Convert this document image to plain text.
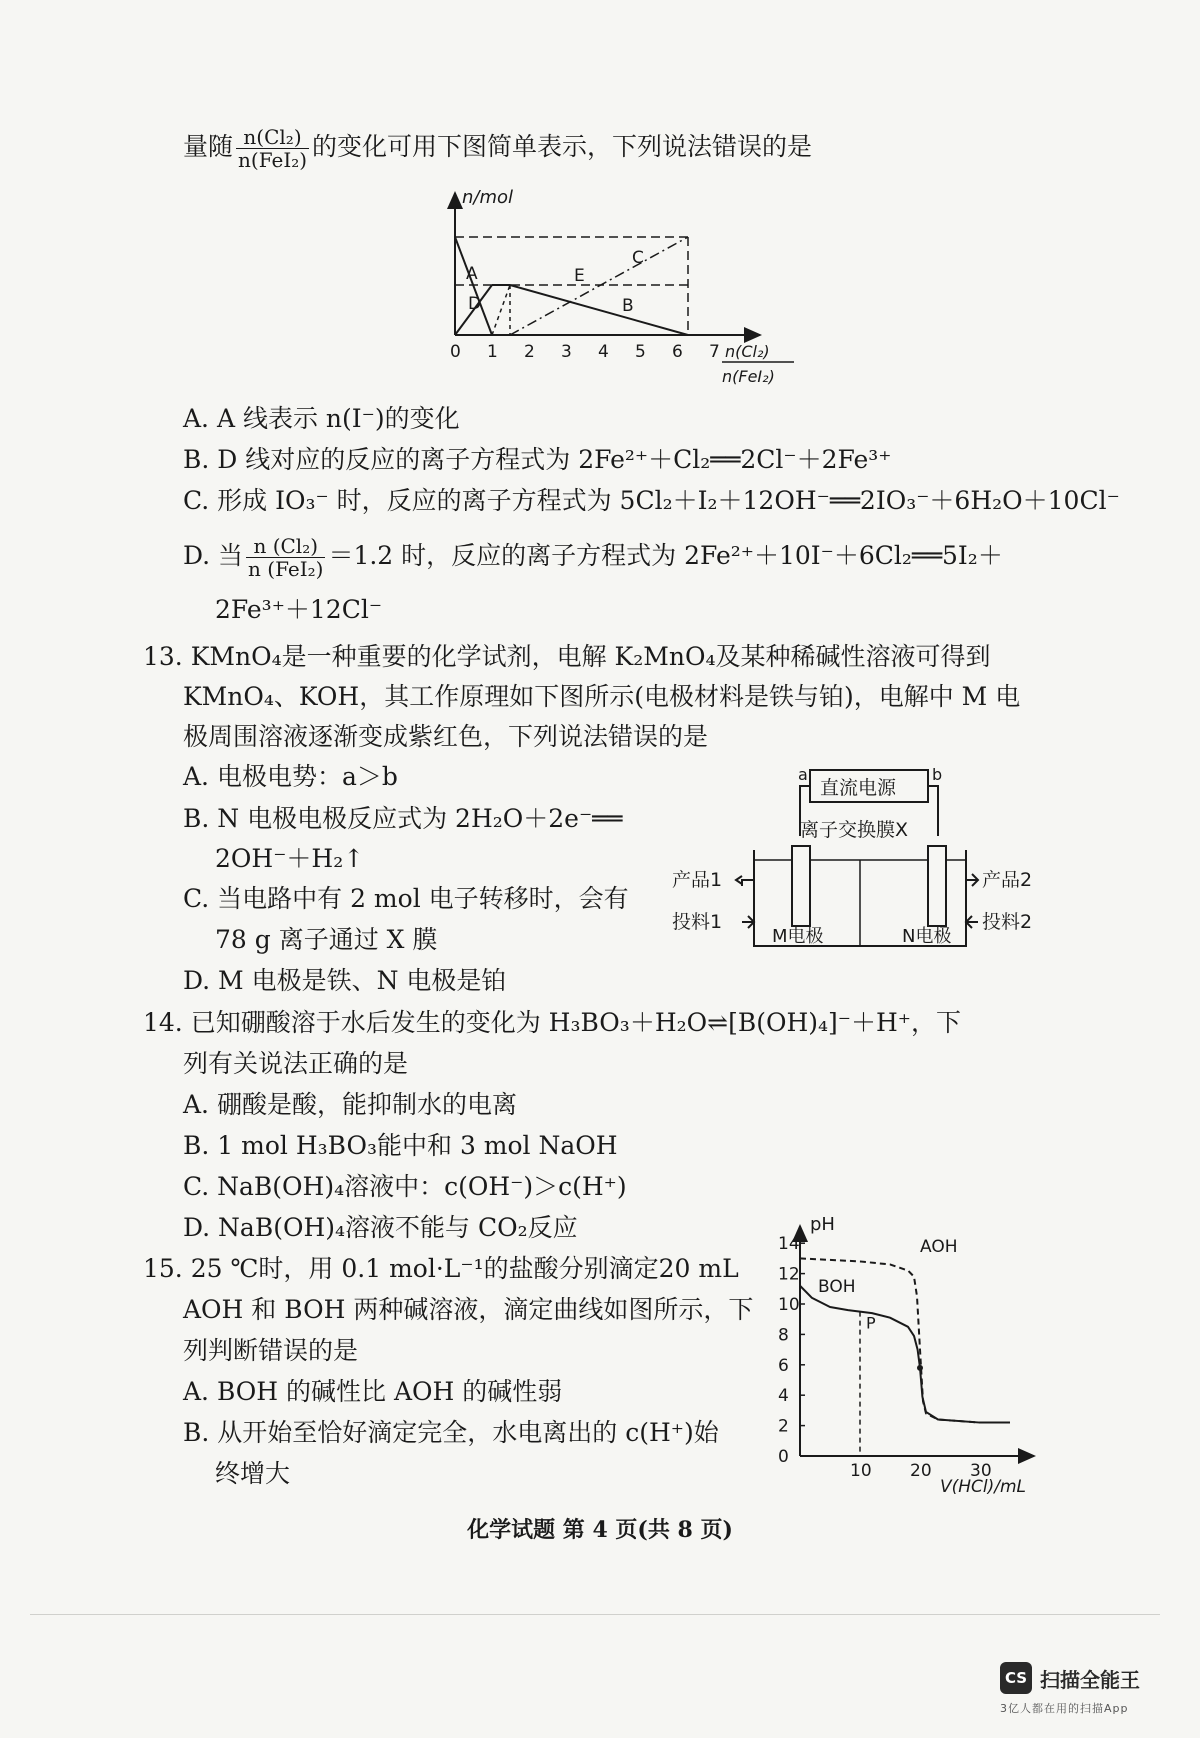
量随 $\frac{\text{n(Cl₂)}}{\text{n(FeI₂)}}$ 的变化可用下图简单表示，下列说法错误的是
n/mol
A
D
E
C
B
0 1 2 3 4 5 6 7 n(Cl₂)
n(FeI₂)
A. A 线表示 n(I⁻)的变化
B. D 线对应的反应的离子方程式为 2Fe²⁺＋Cl₂══2Cl⁻＋2Fe³⁺
C. 形成 IO₃⁻ 时，反应的离子方程式为 5Cl₂＋I₂＋12OH⁻══2IO₃⁻＋6H₂O＋10Cl⁻
D. 当 $\frac{\text{n (Cl₂)}}{\text{n (FeI₂)}} =1.2$ 时，反应的离子方程式为 2Fe²⁺＋10I⁻＋6Cl₂══5I₂＋
2Fe³⁺＋12Cl⁻
13. KMnO₄是一种重要的化学试剂，电解 K₂MnO₄及某种稀碱性溶液可得到
KMnO₄、KOH，其工作原理如下图所示(电极材料是铁与铂)，电解中 M 电
极周围溶液逐渐变成紫红色，下列说法错误的是
A. 电极电势：a＞b
B. N 电极电极反应式为 2H₂O＋2e⁻══
2OH⁻＋H₂↑
C. 当电路中有 2 mol 电子转移时，会有
78 g 离子通过 X 膜
D. M 电极是铁、N 电极是铂
直流电源
a	b
离子交换膜X
M电极	N电极
产品1
投料1
产品2
投料2
14. 已知硼酸溶于水后发生的变化为 H₃BO₃＋H₂O⇌[B(OH)₄]⁻＋H⁺，下
列有关说法正确的是
A. 硼酸是酸，能抑制水的电离
B. 1 mol H₃BO₃能中和 3 mol NaOH
C. NaB(OH)₄溶液中：c(OH⁻)＞c(H⁺)
D. NaB(OH)₄溶液不能与 CO₂反应
15. 25 ℃时，用 0.1 mol·L⁻¹的盐酸分别滴定20 mL
AOH 和 BOH 两种碱溶液，滴定曲线如图所示，下
列判断错误的是
A. BOH 的碱性比 AOH 的碱性弱
B. 从开始至恰好滴定完全，水电离出的 c(H⁺)始
终增大
pH
V(HCl)/mL
0
2
4
6
8
10
12
14
10 20 30
AOH
BOH
P
化学试题 第 4 页(共 8 页)
CS 扫描全能王
3亿人都在用的扫描App
